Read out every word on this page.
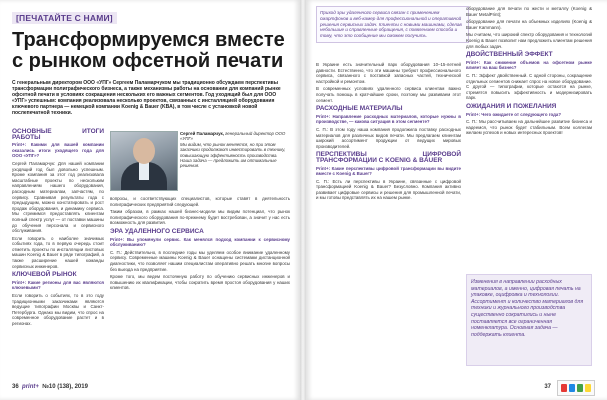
[ПЕЧАТАЙТЕ С НАМИ]
Трансформируемся вместе с рынком офсетной печати
С генеральным директором ООО «УПГ» Сергеем Паламарчуком мы традиционно обсуждаем перспективы трансформации полиграфического бизнеса, а также механизмы работы на основании для компаний рынке офсетной печати в условиях сокращения нескольких его важных сегментов. Год уходящий был для ООО «УПГ» успешным: компания реализовала несколько проектов, связанных с инсталляцией оборудования ключевого партнера — немецкой компании Koenig & Bauer (KBA), в том числе с установкой новой послепечатной техники.
ОСНОВНЫЕ ИТОГИ РАБОТЫ

Print+: Какими для вашей компании оказались итоги уходящего года для ООО «УПГ»?

Сергей Паламарчук: Для нашей компании уходящий год был довольно успешным. Кроме компания за этот год реализовала масштабные проекты по нескольким направлениям нашего оборудования, расходным материалам, запчастям, по сервису. Сравнивая результаты года с предыдущим, можно констатировать и рост продаж оборудования, и динамику сервиса. Мы стремимся предоставлять клиентам полный спектр услуг — от поставки машины до обучения персонала и сервисного обслуживания.

Если говорить о наиболее значимых событиях года, то в первую очередь стоит отметить проекты по инсталляции листовых машин Koenig & Bauer в ряде типографий, а также расширение нашей команды сервисных инженеров.

КЛЮЧЕВОЙ РЫНОК

Print+: Какие регионы для вас являются ключевыми?

Если говорить о событиях, то в это году традиционными заказчиками являются ведущие типографии Москвы и Санкт-Петербурга. Однако мы видим, что спрос на современное оборудование растет и в регионах.

Сергей Паламарчук, генеральный директор ООО «УПГ»
Мы видим, что рынок меняется, но при этом заказчики продолжают инвестировать в технику, повышающую эффективность производства. Наша задача — предложить им оптимальные решения.

вопросы, и соответствующих специалистов, которые ставят в деятельность полиграфических предприятий следующей.

Таким образом, в рамках нашей бизнес-модели мы видим потенциал, что рынок полиграфического оборудования по-прежнему будет востребован, а значит у нас есть возможность для развития.

ЭРА УДАЛЕННОГО СЕРВИСА

Print+: Вы упомянули сервис. Как менялся подход компании к сервисному обслуживанию?

С. П.: Действительно, в последние годы мы уделяем особое внимание удаленному сервису. Современные машины Koenig & Bauer оснащены системами дистанционной диагностики, что позволяет нашим специалистам оперативно решать многие вопросы без выезда на предприятие.

Кроме того, мы ведем постоянную работу по обучению сервисных инженеров и повышению их квалификации, чтобы сократить время простоя оборудования у наших клиентов.

36 print+ №10 (138), 2019
Приход эры удаленного сервиса связан с применением смартфонов и веб-камер для профессиональной и оперативной решения сервисных задач. Клиенты с новыми машинами, сделав небольшие и справленные обращения, с появлением способа и тому, что это сообщение мы сможем получить.

В Украине есть значительный парк оборудования 10–15-летней давности. Естественно, что эти машины требуют профессионального сервиса, связанного с поставкой запасных частей, технической настройкой и ремонтом.

В современных условиях удаленного сервиса клиентам важно получать помощь в кратчайшие сроки, поэтому мы развиваем этот сегмент.

РАСХОДНЫЕ МАТЕРИАЛЫ

Print+: Направление расходных материалов, которые нужны в производстве, — какова ситуация в этом сегменте?

С. П.: В этом году наша компания продолжила поставку расходных материалов для различных видов печати. Мы предлагаем клиентам широкий ассортимент продукции от ведущих мировых производителей.

ПЕРСПЕКТИВЫ ЦИФРОВОЙ ТРАНСФОРМАЦИИ С KOENIG & BAUER

Print+: Какие перспективы цифровой трансформации вы видите вместе с Koenig & Bauer?

С. П.: Есть ли перспективы в Украине, связанные с цифровой трансформацией Koenig & Bauer? Безусловно. Компания активно развивает цифровые сервисы и решения для промышленной печати, и мы готовы представлять их на нашем рынке.

оборудование для печати по жести и металлу (Koenig & Bauer MetalPrint);

оборудование для печати на объемных изделиях (Koenig & Bauer Kammann).

Мы считаем, что широкий спектр оборудования и технологий Koenig & Bauer позволит нам предложить клиентам решения для любых задач.

ДВОЙСТВЕННЫЙ ЭФФЕКТ

Print+: Как снижение объемов на офсетном рынке влияет на ваш бизнес?

С. П.: Эффект двойственный. С одной стороны, сокращение отдельных сегментов снижает спрос на новое оборудование. С другой — типографии, которые остаются на рынке, стремятся повысить эффективность и модернизировать парк.

ОЖИДАНИЯ И ПОЖЕЛАНИЯ

Print+: Чего ожидаете от следующего года?

С. П.: Мы рассчитываем на дальнейшее развитие бизнеса и надеемся, что рынок будет стабильным. Всем коллегам желаем успехов и новых интересных проектов!

Изменения в направлении расходных материалов, а именно, цифровая печать на упаковке, оцифровка и технологии. Ассортимент и количество материалов для техники и журнального производства существенно сократились и ныне поставляется все ограниченная номенклатура. Основная задача — поддержать клиента.
37
